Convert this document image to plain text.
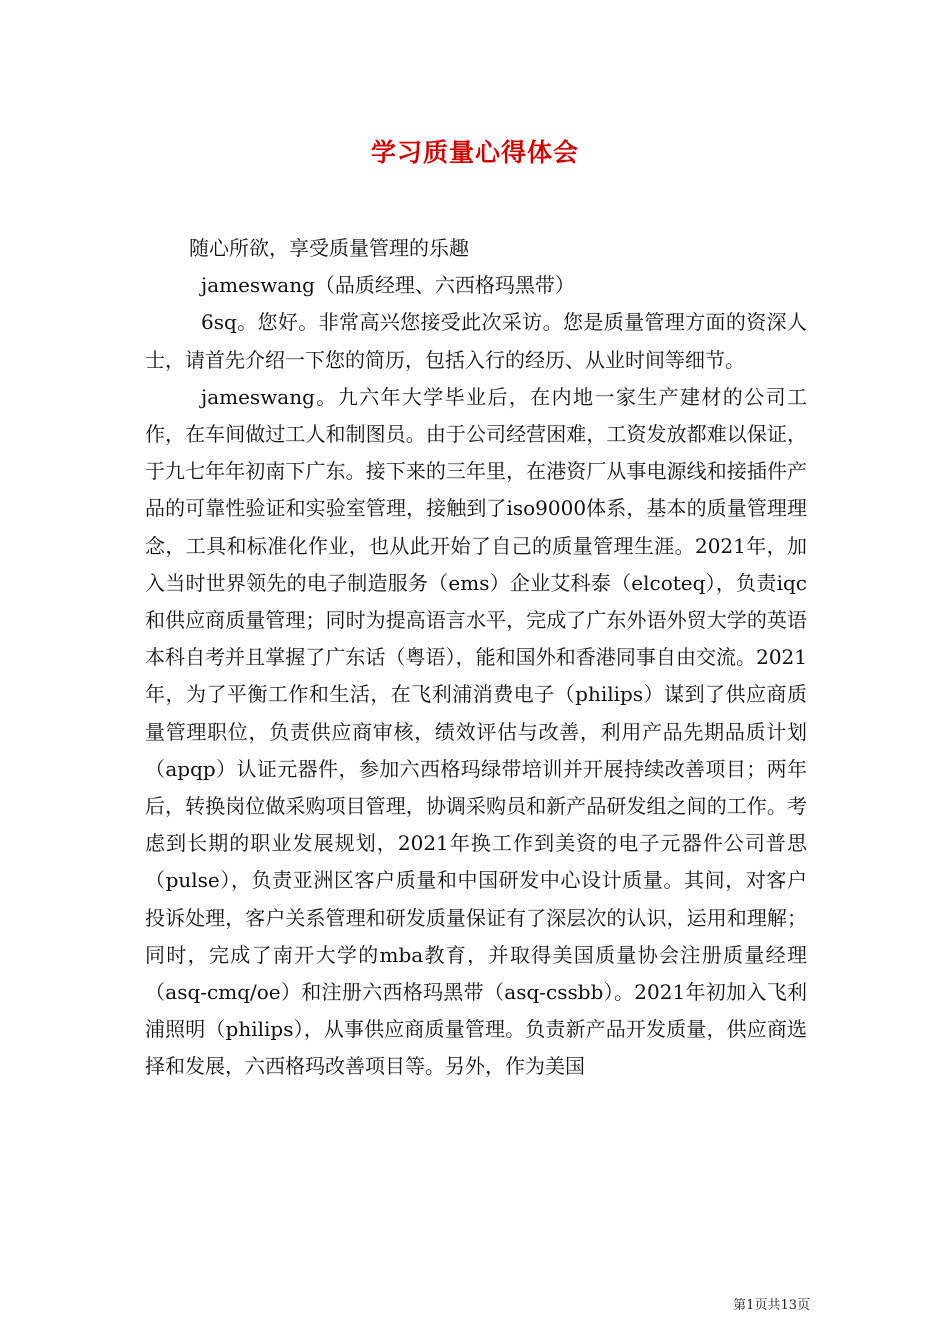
学习质量心得体会

随心所欲，享受质量管理的乐趣

jameswang（品质经理、六西格玛黑带）

6sq。您好。非常高兴您接受此次采访。您是质量管理方面的资深人士，请首先介绍一下您的简历，包括入行的经历、从业时间等细节。

jameswang。九六年大学毕业后，在内地一家生产建材的公司工作，在车间做过工人和制图员。由于公司经营困难，工资发放都难以保证，于九七年年初南下广东。接下来的三年里，在港资厂从事电源线和接插件产品的可靠性验证和实验室管理，接触到了iso9000体系，基本的质量管理理念，工具和标准化作业，也从此开始了自己的质量管理生涯。2021年，加入当时世界领先的电子制造服务（ems）企业艾科泰（elcoteq），负责iqc和供应商质量管理；同时为提高语言水平，完成了广东外语外贸大学的英语本科自考并且掌握了广东话（粤语），能和国外和香港同事自由交流。2021年，为了平衡工作和生活，在飞利浦消费电子（philips）谋到了供应商质量管理职位，负责供应商审核，绩效评估与改善，利用产品先期品质计划（apqp）认证元器件，参加六西格玛绿带培训并开展持续改善项目；两年后，转换岗位做采购项目管理，协调采购员和新产品研发组之间的工作。考虑到长期的职业发展规划，2021年换工作到美资的电子元器件公司普思（pulse），负责亚洲区客户质量和中国研发中心设计质量。其间，对客户投诉处理，客户关系管理和研发质量保证有了深层次的认识，运用和理解；同时，完成了南开大学的mba教育，并取得美国质量协会注册质量经理（asq-cmq/oe）和注册六西格玛黑带（asq-cssbb）。2021年初加入飞利浦照明（philips），从事供应商质量管理。负责新产品开发质量，供应商选择和发展，六西格玛改善项目等。另外，作为美国

第1页共13页
